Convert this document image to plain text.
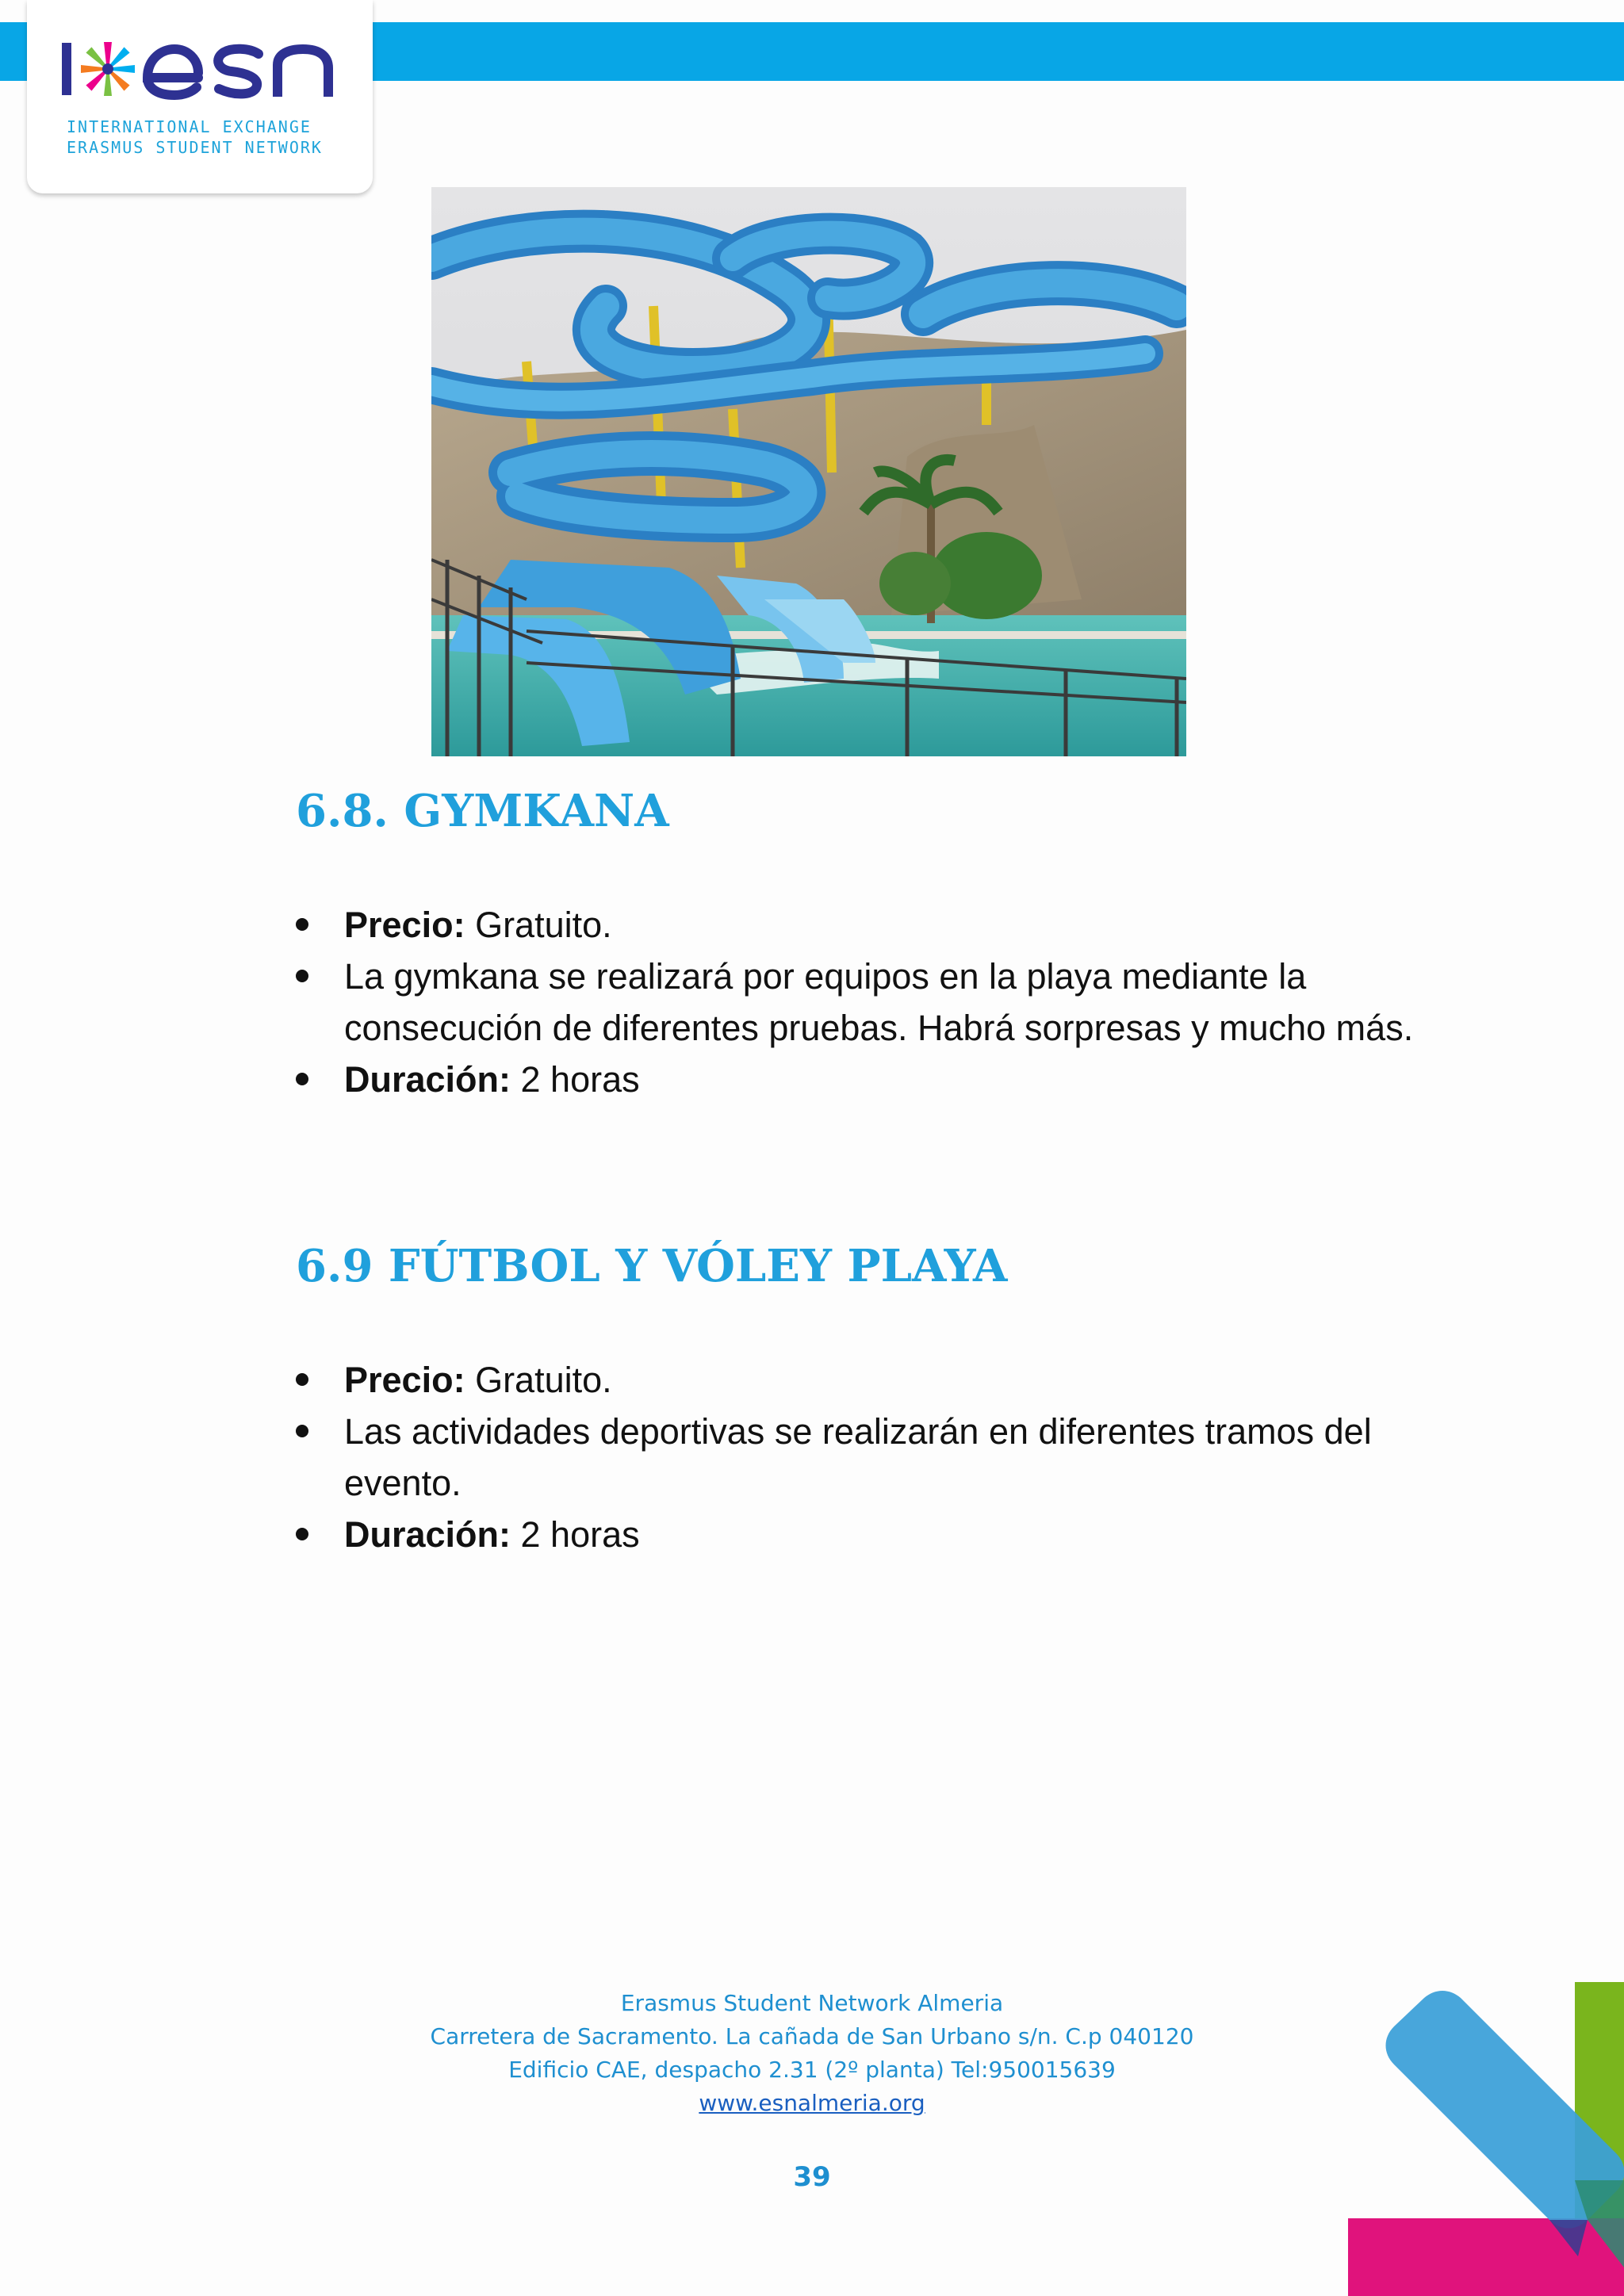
INTERNATIONAL EXCHANGE
ERASMUS STUDENT NETWORK
6.8. GYMKANA
Precio: Gratuito.
La gymkana se realizará por equipos en la playa mediante la consecución de diferentes pruebas. Habrá sorpresas y mucho más.
Duración: 2 horas
6.9 FÚTBOL Y VÓLEY PLAYA
Precio: Gratuito.
Las actividades deportivas se realizarán en diferentes tramos del evento.
Duración: 2 horas
Erasmus Student Network Almeria
Carretera de Sacramento. La cañada de San Urbano s/n. C.p 040120
Edificio CAE, despacho 2.31 (2º planta) Tel:950015639
www.esnalmeria.org
39
